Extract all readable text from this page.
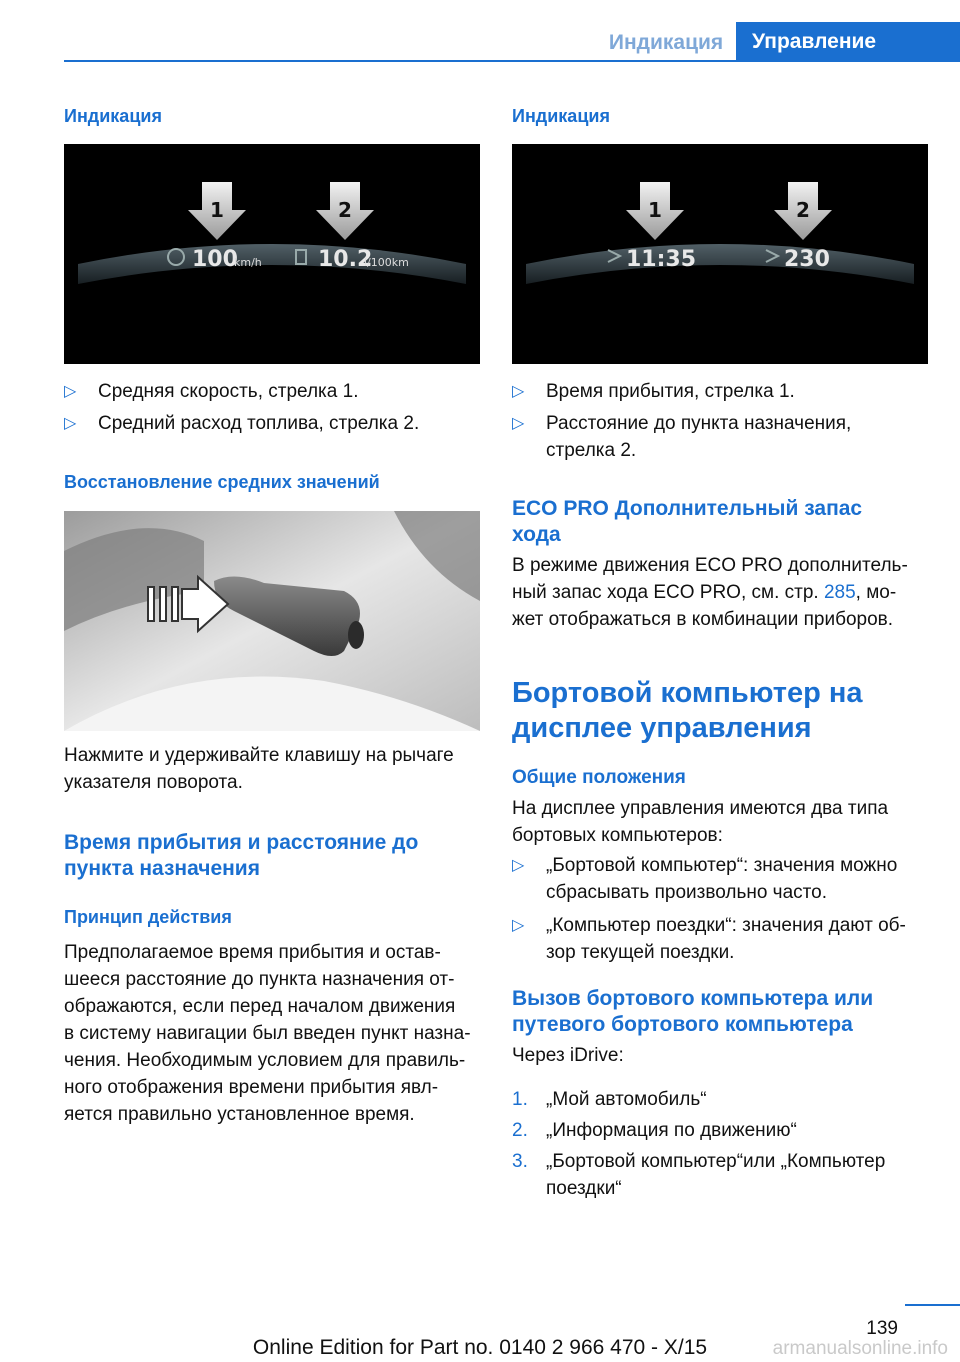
Индикация	Управление
Индикация
1	2
100
km/h	10.2
l/100km
▷ Средняя скорость, стрелка 1.
▷ Средний расход топлива, стрелка 2.
Восстановление средних значений
Нажмите и удерживайте клавишу на рычаге
указателя поворота.
Время прибытия и расстояние до
пункта назначения
Принцип действия
Предполагаемое время прибытия и остав‐
шееся расстояние до пункта назначения от‐
ображаются, если перед началом движения
в систему навигации был введен пункт назна‐
чения. Необходимым условием для правиль‐
ного отображения времени прибытия явл‐
яется правильно установленное время.
Индикация
1	2
11:35	230
▷ Время прибытия, стрелка 1.
▷ Расстояние до пункта назначения,
стрелка 2.
ECO PRO Дополнительный запас
хода
В режиме движения ECO PRO дополнитель‐
ный запас хода ECO PRO, см. стр. 285, мо‐
жет отображаться в комбинации приборов.
Бортовой компьютер на
дисплее управления
Общие положения
На дисплее управления имеются два типа
бортовых компьютеров:
▷ „Бортовой компьютер“: значения можно
сбрасывать произвольно часто.
▷ „Компьютер поездки“: значения дают об‐
зор текущей поездки.
Вызов бортового компьютера или
путевого бортового компьютера
Через iDrive:
1. „Мой автомобиль“
2. „Информация по движению“
3. „Бортовой компьютер“или „Компьютер
поездки“
139
Online Edition for Part no. 0140 2 966 470 - X/15	armanualsonline.info
